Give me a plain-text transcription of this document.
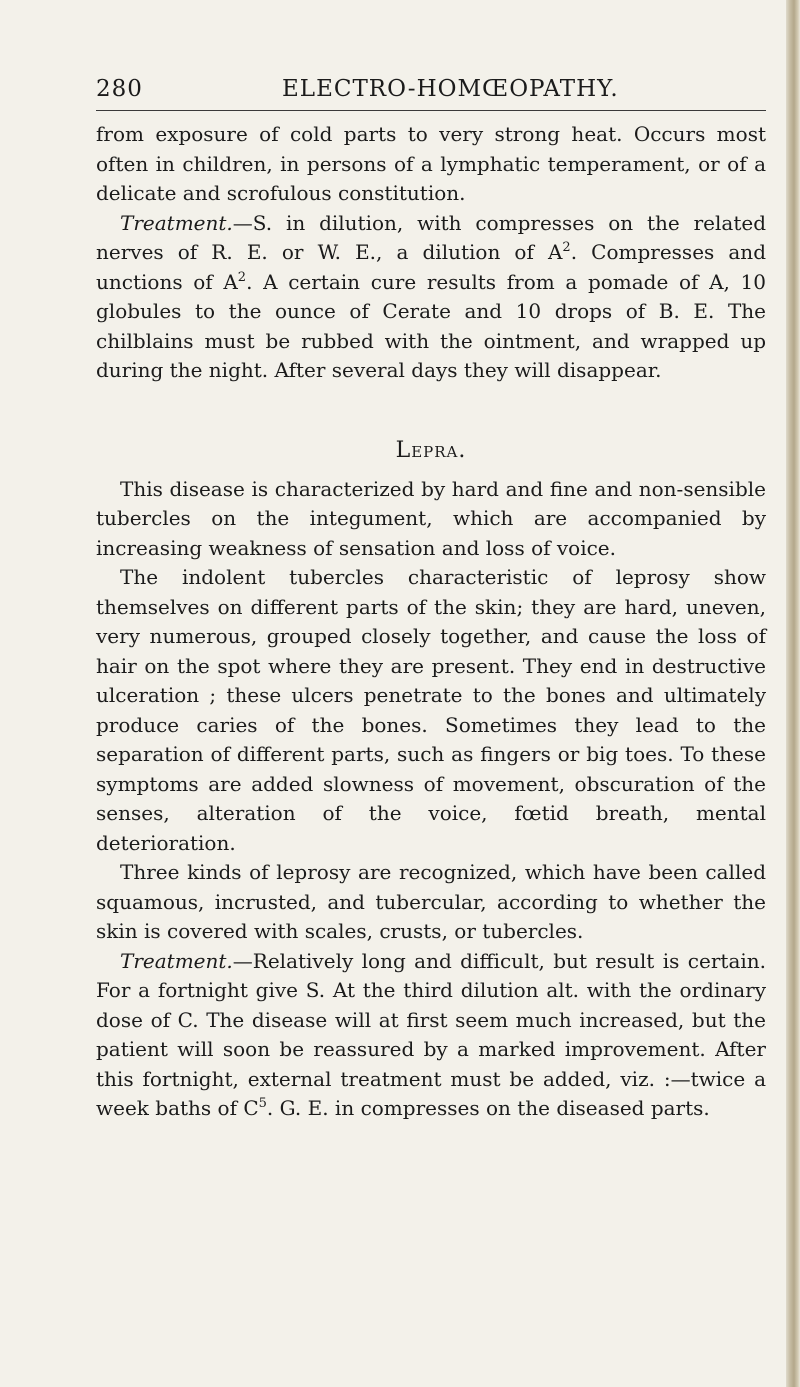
280	ELECTRO-HOMŒOPATHY.

from exposure of cold parts to very strong heat. Occurs most often in children, in persons of a lymphatic temperament, or of a delicate and scrofulous constitution.

Treatment.—S. in dilution, with compresses on the related nerves of R. E. or W. E., a dilution of $A^2$. Compresses and unctions of $A^2$. A certain cure results from a pomade of A, 10 globules to the ounce of Cerate and 10 drops of B. E. The chilblains must be rubbed with the ointment, and wrapped up during the night. After several days they will disappear.

Lepra.

This disease is characterized by hard and fine and non-sensible tubercles on the integument, which are accompanied by increasing weakness of sensation and loss of voice.

The indolent tubercles characteristic of leprosy show themselves on different parts of the skin; they are hard, uneven, very numerous, grouped closely together, and cause the loss of hair on the spot where they are present. They end in destructive ulceration ; these ulcers penetrate to the bones and ultimately produce caries of the bones. Sometimes they lead to the separation of different parts, such as fingers or big toes. To these symptoms are added slowness of movement, obscuration of the senses, alteration of the voice, fœtid breath, mental deterioration.

Three kinds of leprosy are recognized, which have been called squamous, incrusted, and tubercular, according to whether the skin is covered with scales, crusts, or tubercles.

Treatment.—Relatively long and difficult, but result is certain. For a fortnight give S. At the third dilution alt. with the ordinary dose of C. The disease will at first seem much increased, but the patient will soon be reassured by a marked improvement. After this fortnight, external treatment must be added, viz. :—twice a week baths of $C^5$. G. E. in compresses on the diseased parts.
